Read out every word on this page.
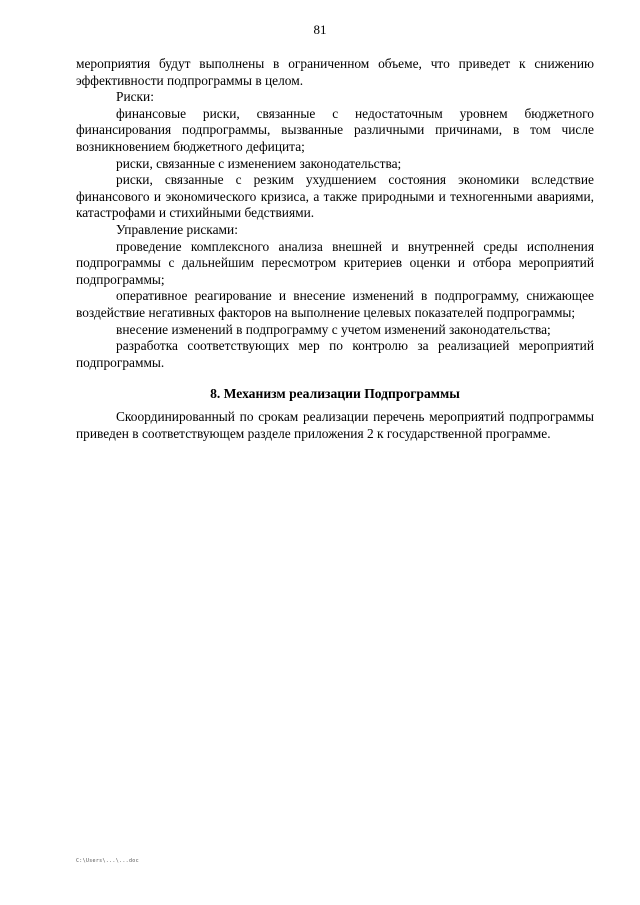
81

мероприятия будут выполнены в ограниченном объеме, что приведет к снижению эффективности подпрограммы в целом.

Риски:

финансовые риски, связанные с недостаточным уровнем бюджетного финансирования подпрограммы, вызванные различными причинами, в том числе возникновением бюджетного дефицита;

риски, связанные с изменением законодательства;

риски, связанные с резким ухудшением состояния экономики вследствие финансового и экономического кризиса, а также природными и техногенными авариями, катастрофами и стихийными бедствиями.

Управление рисками:

проведение комплексного анализа внешней и внутренней среды исполнения подпрограммы с дальнейшим пересмотром критериев оценки и отбора мероприятий подпрограммы;

оперативное реагирование и внесение изменений в подпрограмму, снижающее воздействие негативных факторов на выполнение целевых показателей подпрограммы;

внесение изменений в подпрограмму с учетом изменений законодательства;

разработка соответствующих мер по контролю за реализацией мероприятий подпрограммы.

8. Механизм реализации Подпрограммы

Скоординированный по срокам реализации перечень мероприятий подпрограммы приведен в соответствующем разделе приложения 2 к государственной программе.

C:\Users\...\...doc
